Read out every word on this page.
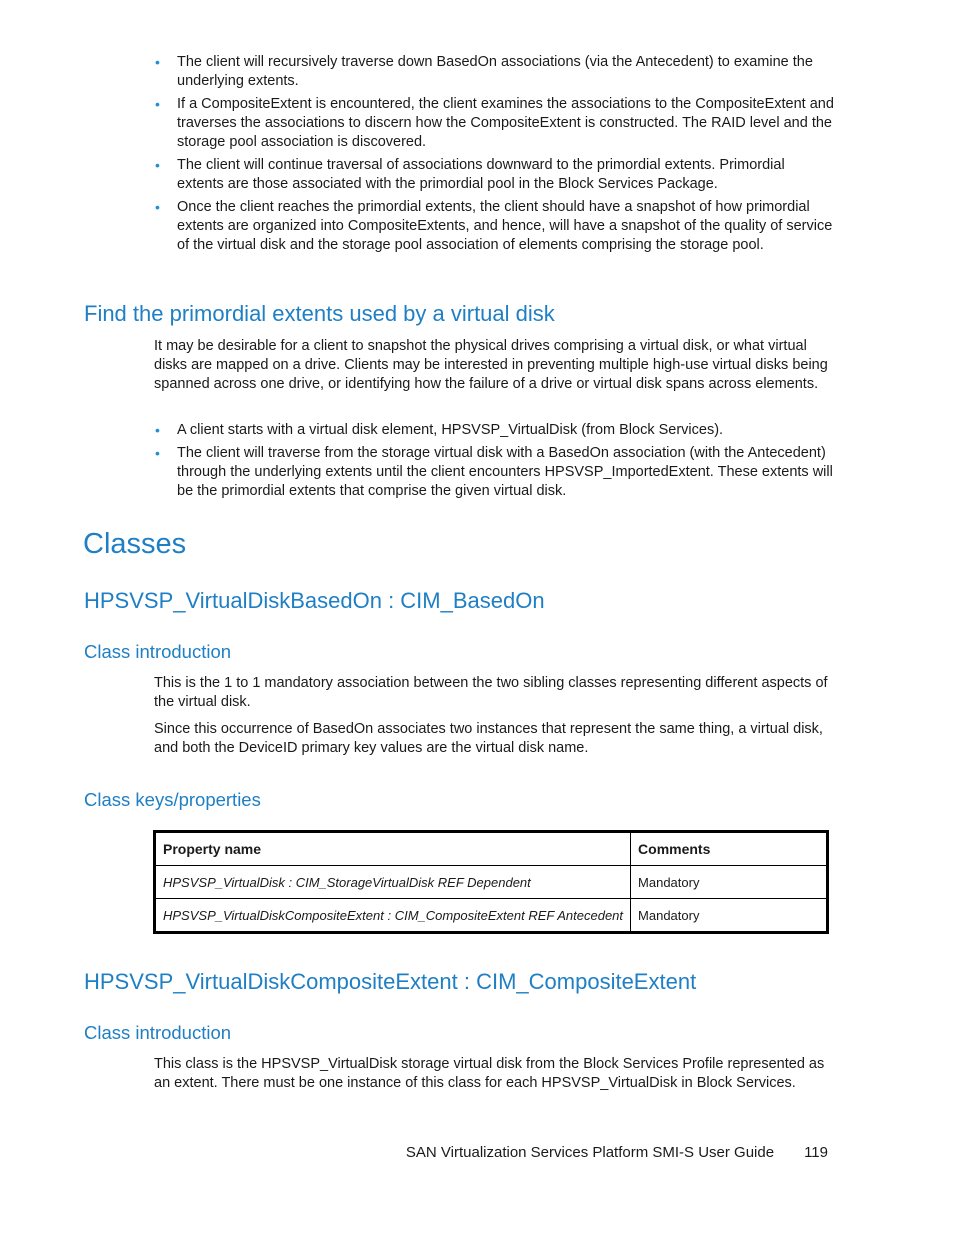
• The client will recursively traverse down BasedOn associations (via the Antecedent) to examine the underlying extents.
• If a CompositeExtent is encountered, the client examines the associations to the CompositeExtent and traverses the associations to discern how the CompositeExtent is constructed. The RAID level and the storage pool association is discovered.
• The client will continue traversal of associations downward to the primordial extents. Primordial extents are those associated with the primordial pool in the Block Services Package.
• Once the client reaches the primordial extents, the client should have a snapshot of how primordial extents are organized into CompositeExtents, and hence, will have a snapshot of the quality of service of the virtual disk and the storage pool association of elements comprising the storage pool.
Find the primordial extents used by a virtual disk

It may be desirable for a client to snapshot the physical drives comprising a virtual disk, or what virtual disks are mapped on a drive. Clients may be interested in preventing multiple high-use virtual disks being spanned across one drive, or identifying how the failure of a drive or virtual disk spans across elements.

• A client starts with a virtual disk element, HPSVSP_VirtualDisk (from Block Services).
• The client will traverse from the storage virtual disk with a BasedOn association (with the Antecedent) through the underlying extents until the client encounters HPSVSP_ImportedExtent. These extents will be the primordial extents that comprise the given virtual disk.
Classes
HPSVSP_VirtualDiskBasedOn : CIM_BasedOn
Class introduction

This is the 1 to 1 mandatory association between the two sibling classes representing different aspects of the virtual disk.

Since this occurrence of BasedOn associates two instances that represent the same thing, a virtual disk, and both the DeviceID primary key values are the virtual disk name.

Class keys/properties
Property name	Comments
HPSVSP_VirtualDisk : CIM_StorageVirtualDisk REF Dependent	Mandatory
HPSVSP_VirtualDiskCompositeExtent : CIM_CompositeExtent REF Antecedent	Mandatory
HPSVSP_VirtualDiskCompositeExtent : CIM_CompositeExtent
Class introduction

This class is the HPSVSP_VirtualDisk storage virtual disk from the Block Services Profile represented as an extent. There must be one instance of this class for each HPSVSP_VirtualDisk in Block Services.

SAN Virtualization Services Platform SMI-S User Guide 119
